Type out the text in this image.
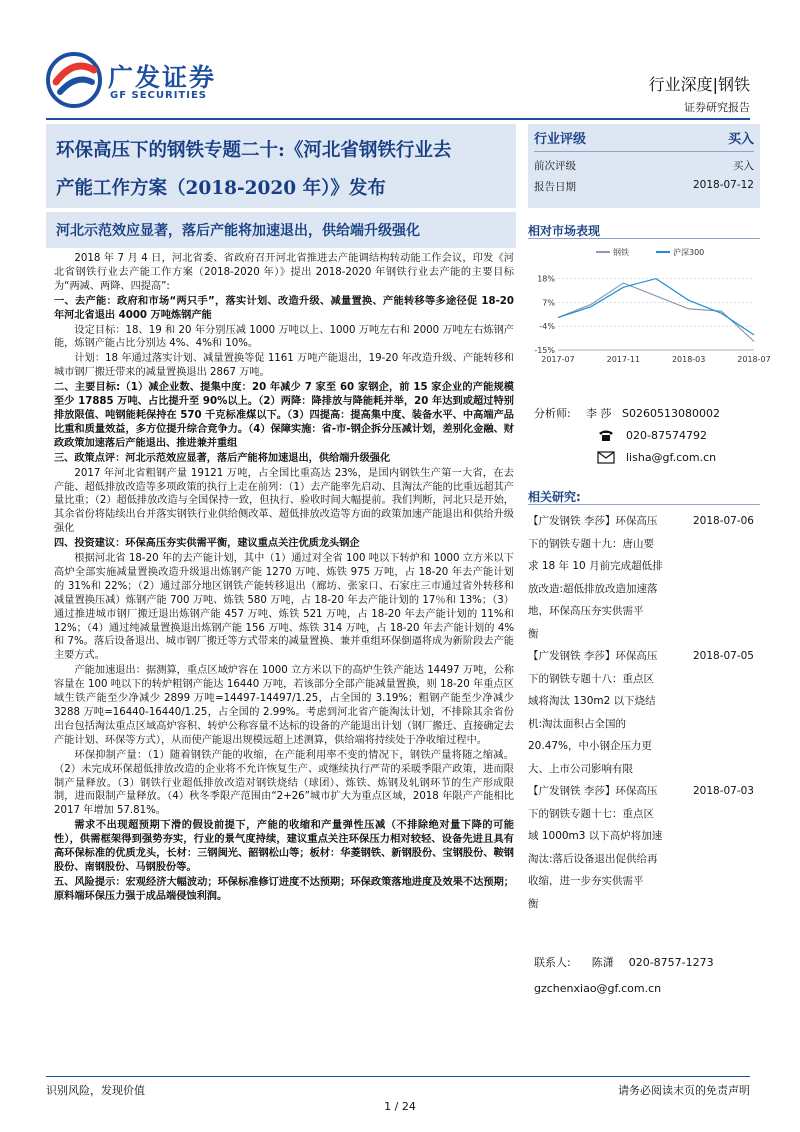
广发证券
GF SECURITIES
行业深度|钢铁
证券研究报告
环保高压下的钢铁专题二十:《河北省钢铁行业去
产能工作方案（2018-2020 年）》发布
河北示范效应显著，落后产能将加速退出，供给端升级强化

2018 年 7 月 4 日，河北省委、省政府召开河北省推进去产能调结构转动能工作会议，印发《河北省钢铁行业去产能工作方案（2018-2020 年）》提出 2018-2020 年钢铁行业去产能的主要目标为“两减、两降、四提高”:

一、去产能：政府和市场“两只手”，落实计划、改造升级、减量置换、产能转移等多途径促 18-20 年河北省退出 4000 万吨炼钢产能

设定目标：18、19 和 20 年分别压减 1000 万吨以上、1000 万吨左右和 2000 万吨左右炼钢产能，炼钢产能占比分别达 4%、4%和 10%。

计划：18 年通过落实计划、减量置换等促 1161 万吨产能退出，19-20 年改造升级、产能转移和城市钢厂搬迁带来的减量置换退出 2867 万吨。

二、主要目标:（1）减企业数、提集中度：20 年减少 7 家至 60 家钢企，前 15 家企业的产能规模至少 17885 万吨、占比提升至 90%以上。（2）两降：降排放与降能耗并举，20 年达到或超过特别排放限值、吨钢能耗保持在 570 千克标准煤以下。（3）四提高：提高集中度、装备水平、中高端产品比重和质量效益，多方位提升综合竞争力。（4）保障实施：省-市-钢企拆分压减计划，差别化金融、财政政策加速落后产能退出、推进兼并重组

三、政策点评：河北示范效应显著，落后产能将加速退出，供给端升级强化

2017 年河北省粗钢产量 19121 万吨，占全国比重高达 23%，是国内钢铁生产第一大省，在去产能、超低排放改造等多项政策的执行上走在前列：（1）去产能率先启动、且淘汰产能的比重远超其产量比重；（2）超低排放改造与全国保持一致，但执行、验收时间大幅提前。我们判断，河北只是开始，其余省份将陆续出台并落实钢铁行业供给侧改革、超低排放改造等方面的政策加速产能退出和供给升级强化

四、投资建议：环保高压夯实供需平衡，建议重点关注优质龙头钢企

根据河北省 18-20 年的去产能计划，其中（1）通过对全省 100 吨以下转炉和 1000 立方米以下高炉全部实施减量置换改造升级退出炼钢产能 1270 万吨、炼铁 975 万吨，占 18-20 年去产能计划的 31%和 22%；（2）通过部分地区钢铁产能转移退出（廊坊、张家口、石家庄三市通过省外转移和减量置换压减）炼钢产能 700 万吨、炼铁 580 万吨，占 18-20 年去产能计划的 17％和 13%；（3）通过推进城市钢厂搬迁退出炼钢产能 457 万吨、炼铁 521 万吨，占 18-20 年去产能计划的 11%和 12%；（4）通过纯减量置换退出炼钢产能 156 万吨、炼铁 314 万吨，占 18-20 年去产能计划的 4%和 7%。落后设备退出、城市钢厂搬迁等方式带来的减量置换、兼并重组环保倒逼将成为新阶段去产能主要方式。

产能加速退出：据测算，重点区域炉容在 1000 立方米以下的高炉生铁产能达 14497 万吨，公称容量在 100 吨以下的转炉粗钢产能达 16440 万吨，若该部分全部产能减量置换，则 18-20 年重点区域生铁产能至少净减少 2899 万吨=14497-14497/1.25，占全国的 3.19%；粗钢产能至少净减少 3288 万吨=16440-16440/1.25，占全国的 2.99%。考虑到河北省产能淘汰计划，不排除其余省份出台包括淘汰重点区域高炉容积、转炉公称容量不达标的设备的产能退出计划（钢厂搬迁、直接确定去产能计划、环保等方式），从而使产能退出规模远超上述测算，供给端将持续处于净收缩过程中。

环保抑制产量：（1）随着钢铁产能的收缩，在产能利用率不变的情况下，钢铁产量将随之缩减。（2）未完成环保超低排放改造的企业将不允许恢复生产、或继续执行严苛的采暖季限产政策，进而限制产量释放。（3）钢铁行业超低排放改造对钢铁烧结（球团）、炼铁、炼钢及轧钢环节的生产形成限制，进而限制产量释放。（4）秋冬季限产范围由“2+26”城市扩大为重点区域，2018 年限产产能相比 2017 年增加 57.81%。

需求不出现超预期下滑的假设前提下，产能的收缩和产量弹性压减（不排除绝对量下降的可能性），供需框架得到强势夯实，行业的景气度持续，建议重点关注环保压力相对较轻、设备先进且具有高环保标准的优质龙头，长材：三钢闽光、韶钢松山等；板材：华菱钢铁、新钢股份、宝钢股份、鞍钢股份、南钢股份、马钢股份等。

五、风险提示：宏观经济大幅波动；环保标准修订进度不达预期；环保政策落地进度及效果不达预期；原料端环保压力强于成品端侵蚀利润。

行业评级	买入
前次评级	买入
报告日期	2018-07-12
相对市场表现
钢铁	沪深300
18%
7%
-4%
-15%
2017-07	2017-11	2018-03	2018-07
分析师:	李 莎 S0260513080002
020-87574792
lisha@gf.com.cn
相关研究:
2018-07-06
【广发钢铁 李莎】环保高压
下的钢铁专题十九：唐山要
求 18 年 10 月前完成超低排
放改造:超低排放改造加速落
地，环保高压夯实供需平
衡
2018-07-05
【广发钢铁 李莎】环保高压
下的钢铁专题十八：重点区
域将淘汰 130m2 以下烧结
机:淘汰面积占全国的
20.47%，中小钢企压力更
大、上市公司影响有限
2018-07-03
【广发钢铁 李莎】环保高压
下的钢铁专题十七：重点区
域 1000m3 以下高炉将加速
淘汰:落后设备退出促供给再
收缩，进一步夯实供需平
衡
联系人: 陈潇 020-8757-1273
gzchenxiao@gf.com.cn
识别风险，发现价值	请务必阅读末页的免责声明
1 / 24
